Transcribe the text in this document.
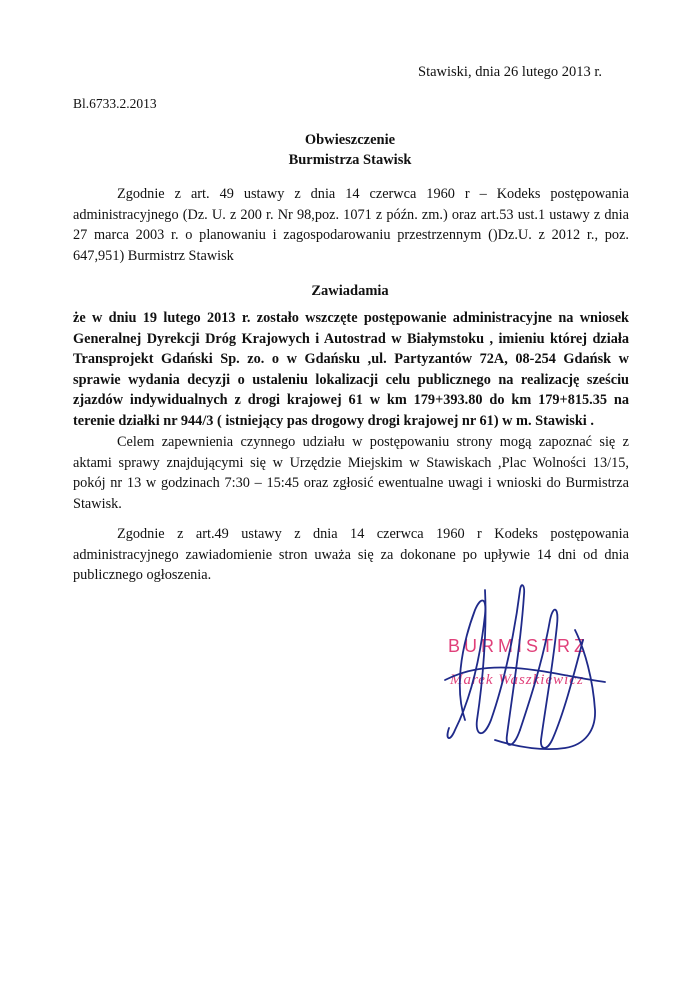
Stawiski, dnia 26 lutego 2013 r.
Bl.6733.2.2013
Obwieszczenie
Burmistrza Stawisk
Zgodnie z art. 49 ustawy z dnia 14 czerwca 1960 r – Kodeks postępowania administracyjnego (Dz. U. z 200 r. Nr 98,poz. 1071 z późn. zm.) oraz art.53 ust.1 ustawy z dnia 27 marca 2003 r. o planowaniu i zagospodarowaniu przestrzennym ()Dz.U. z 2012 r., poz. 647,951) Burmistrz Stawisk
Zawiadamia
że w dniu 19 lutego 2013 r. zostało wszczęte postępowanie administracyjne na wniosek Generalnej Dyrekcji Dróg Krajowych i Autostrad w Białymstoku , imieniu której działa Transprojekt Gdański Sp. zo. o w Gdańsku ,ul. Partyzantów 72A, 08-254 Gdańsk w sprawie wydania decyzji o ustaleniu lokalizacji celu publicznego na realizację sześciu zjazdów indywidualnych z drogi krajowej 61 w km 179+393.80 do km 179+815.35 na terenie działki nr 944/3 ( istniejący pas drogowy drogi krajowej nr 61) w m. Stawiski .
Celem zapewnienia czynnego udziału w postępowaniu strony mogą zapoznać się z aktami sprawy znajdującymi się w Urzędzie Miejskim w Stawiskach ,Plac Wolności 13/15, pokój nr 13 w godzinach 7:30 – 15:45 oraz zgłosić ewentualne uwagi i wnioski do Burmistrza Stawisk.
Zgodnie z art.49 ustawy z dnia 14 czerwca 1960 r Kodeks postępowania administracyjnego zawiadomienie stron uważa się za dokonane po upływie 14 dni od dnia publicznego ogłoszenia.
BURMISTRZ
Marek Waszkiewicz
